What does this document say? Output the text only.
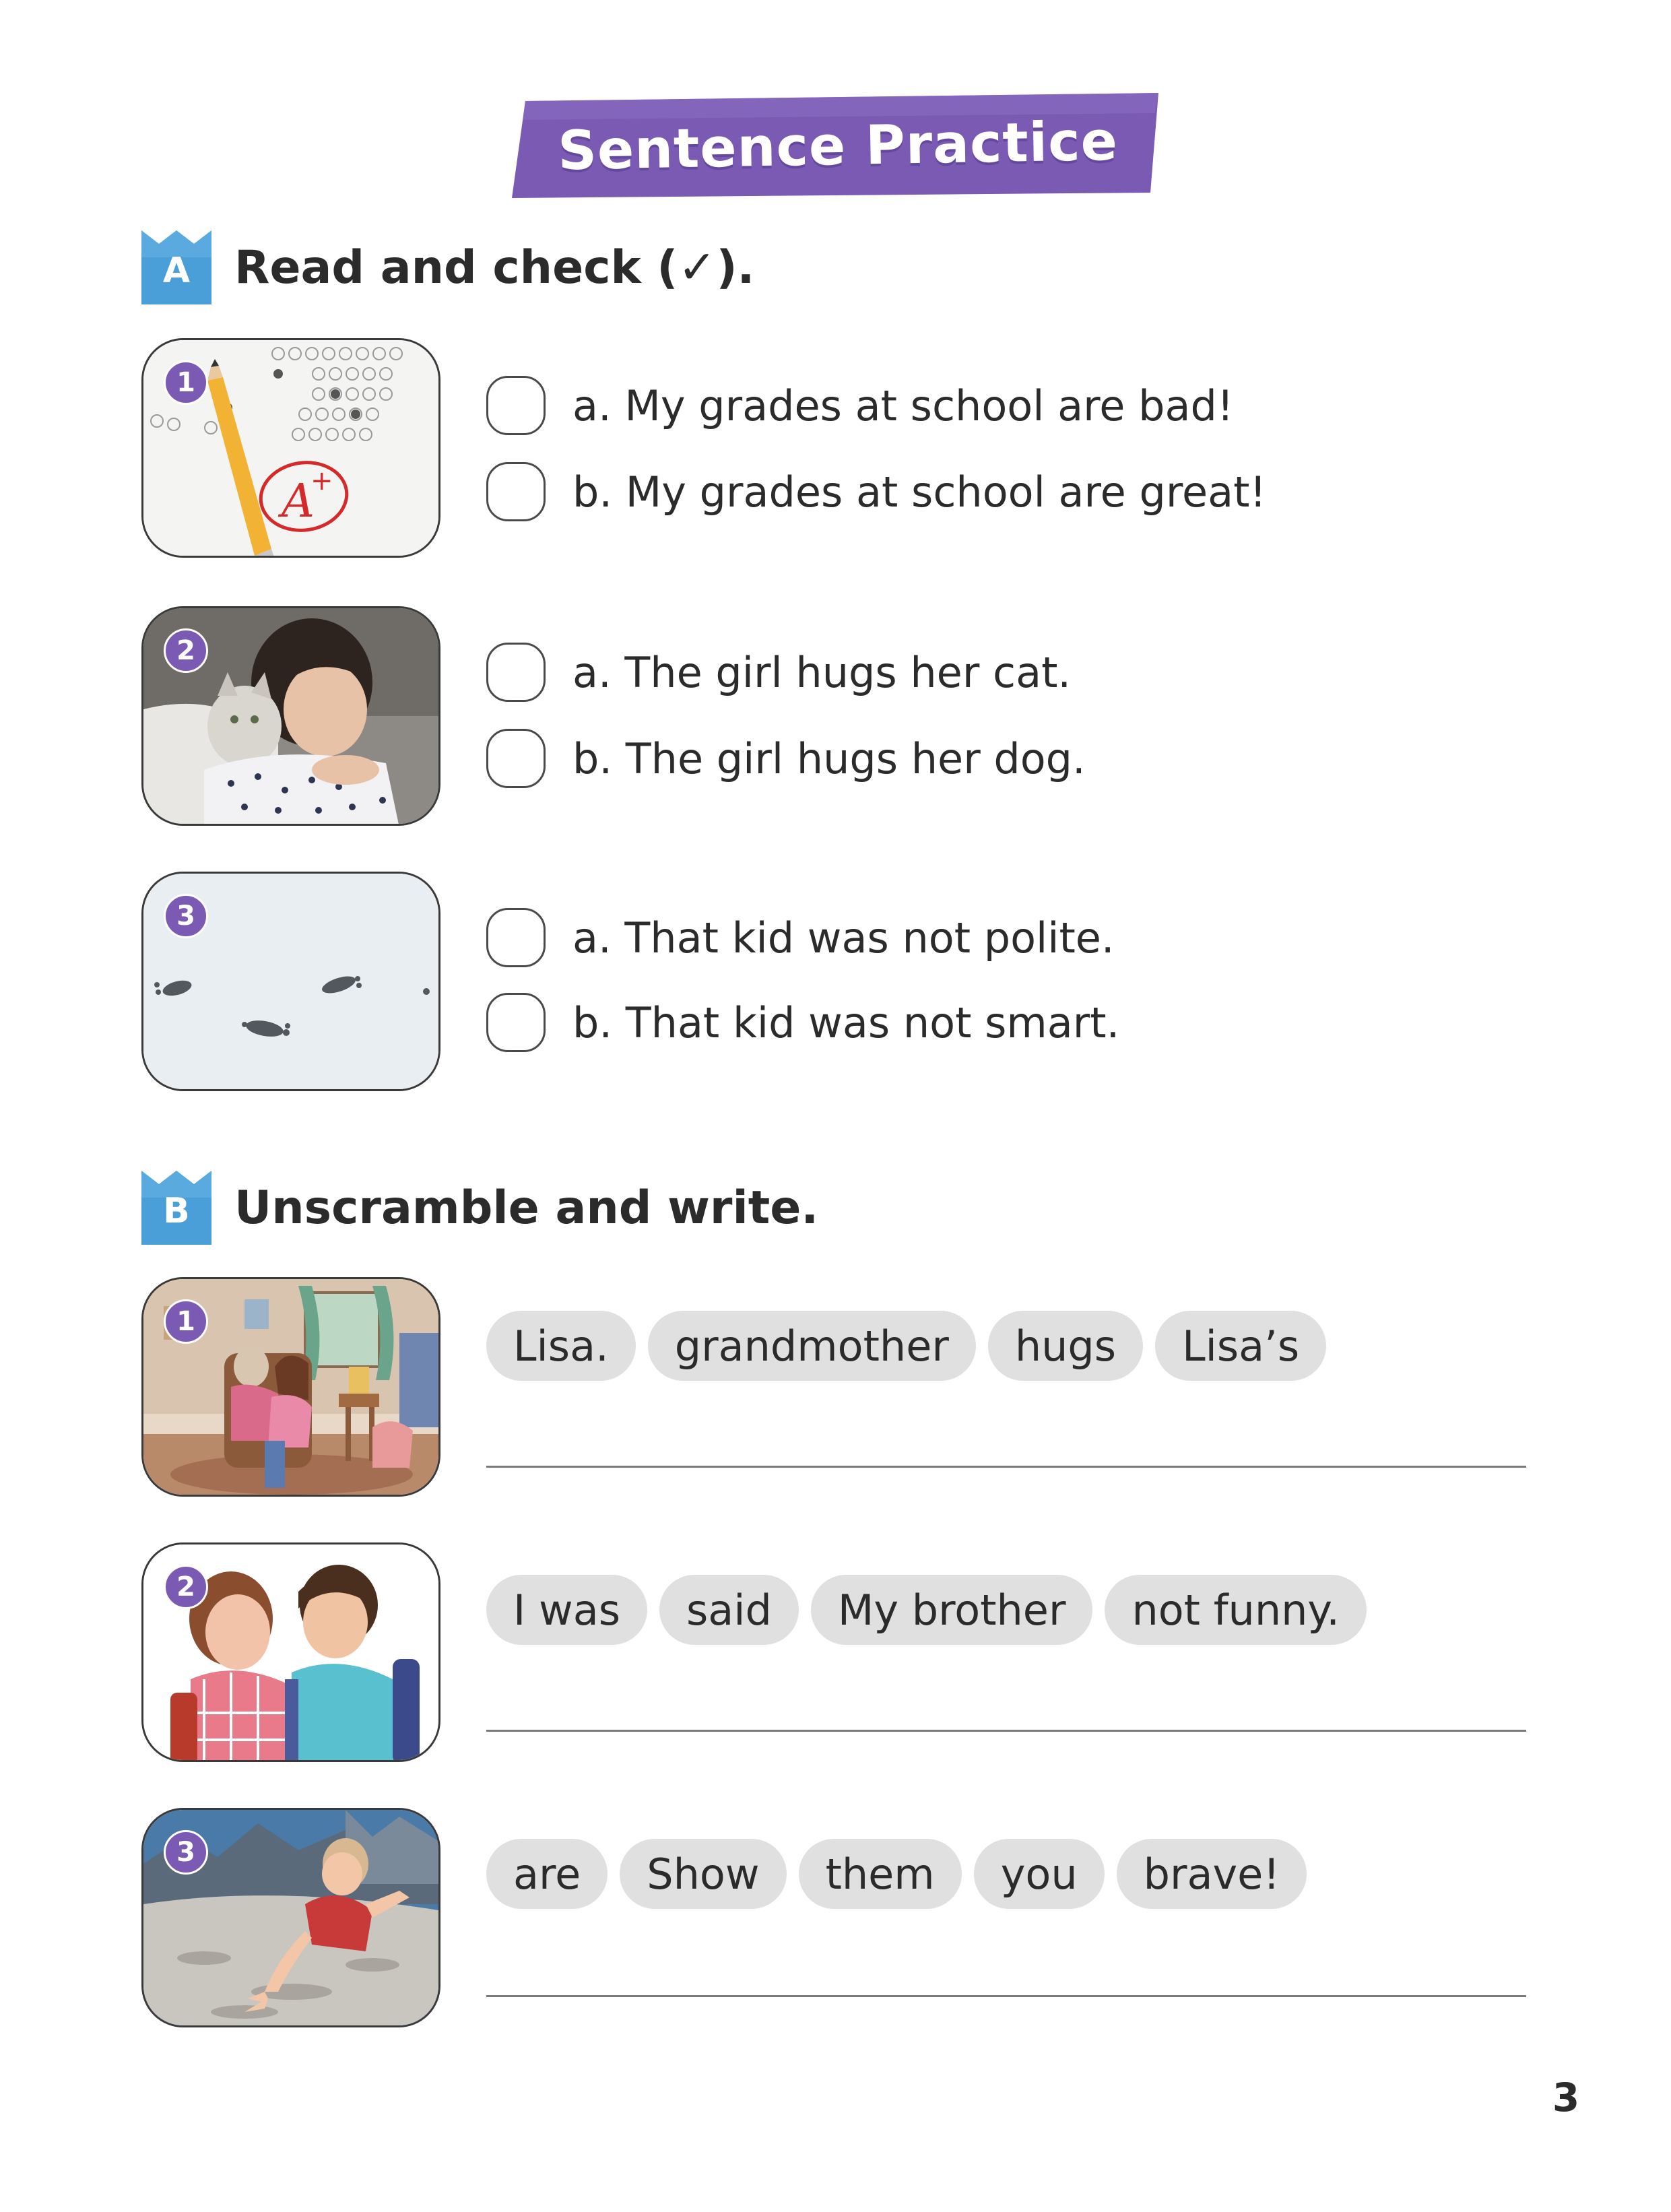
Sentence Practice
A Read and check (✓).
A
+
1	a. My grades at school are bad!
b. My grades at school are great!
2	a. The girl hugs her cat.
b. The girl hugs her dog.
3	a. That kid was not polite.
b. That kid was not smart.
B Unscramble and write.
1	Lisa.	grandmother	hugs	Lisa’s
2	I was	said	My brother	not funny.
3	are	Show	them	you	brave!
3
